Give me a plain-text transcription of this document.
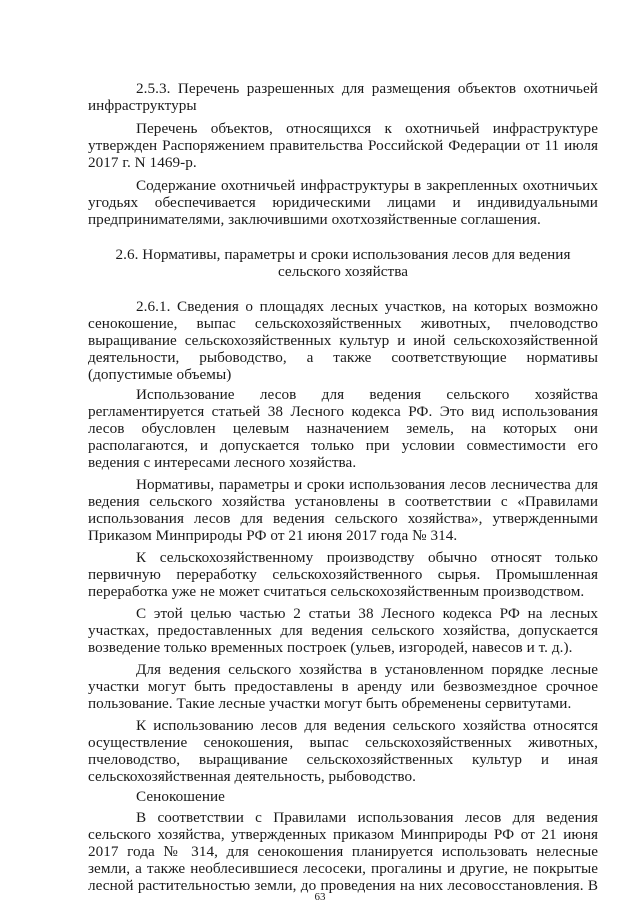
2.5.3. Перечень разрешенных для размещения объектов охотничьей
инфраструктуры
Перечень объектов, относящихся к охотничьей инфраструктуре
утвержден Распоряжением правительства Российской Федерации от 11 июля
2017 г. N 1469-р.
Содержание охотничьей инфраструктуры в закрепленных охотничьих
угодьях обеспечивается юридическими лицами и индивидуальными
предпринимателями, заключившими охотхозяйственные соглашения.
2.6. Нормативы, параметры и сроки использования лесов для ведения
сельского хозяйства
2.6.1. Сведения о площадях лесных участков, на которых возможно
сенокошение, выпас сельскохозяйственных животных, пчеловодство
выращивание сельскохозяйственных культур и иной сельскохозяйственной
деятельности, рыбоводство, а также соответствующие нормативы
(допустимые объемы)
Использование лесов для ведения сельского хозяйства
регламентируется статьей 38 Лесного кодекса РФ. Это вид использования
лесов обусловлен целевым назначением земель, на которых они
располагаются, и допускается только при условии совместимости его
ведения с интересами лесного хозяйства.
Нормативы, параметры и сроки использования лесов лесничества для
ведения сельского хозяйства установлены в соответствии с «Правилами
использования лесов для ведения сельского хозяйства», утвержденными
Приказом Минприроды РФ от 21 июня 2017 года № 314.
К сельскохозяйственному производству обычно относят только
первичную переработку сельскохозяйственного сырья. Промышленная
переработка уже не может считаться сельскохозяйственным производством.
С этой целью частью 2 статьи 38 Лесного кодекса РФ на лесных
участках, предоставленных для ведения сельского хозяйства, допускается
возведение только временных построек (ульев, изгородей, навесов и т. д.).
Для ведения сельского хозяйства в установленном порядке лесные
участки могут быть предоставлены в аренду или безвозмездное срочное
пользование. Такие лесные участки могут быть обременены сервитутами.
К использованию лесов для ведения сельского хозяйства относятся
осуществление сенокошения, выпас сельскохозяйственных животных,
пчеловодство, выращивание сельскохозяйственных культур и иная
сельскохозяйственная деятельность, рыбоводство.
Сенокошение
В соответствии с Правилами использования лесов для ведения
сельского хозяйства, утвержденных приказом Минприроды РФ от 21 июня
2017 года № 314, для сенокошения планируется использовать нелесные
земли, а также необлесившиеся лесосеки, прогалины и другие, не покрытые
лесной растительностью земли, до проведения на них лесовосстановления. В
63
